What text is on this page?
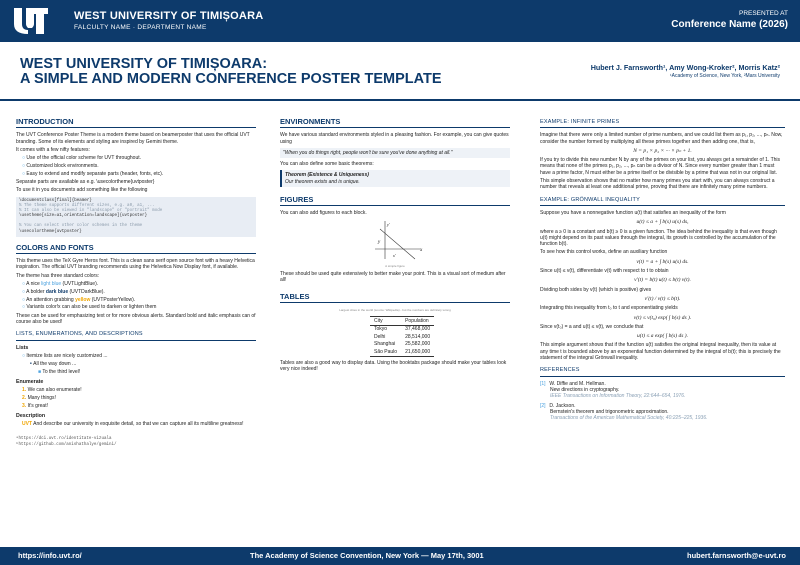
WEST UNIVERSITY OF TIMIȘOARA
FALCULTY NAME · DEPARTMENT NAME
PRESENTED AT
Conference Name (2026)
WEST UNIVERSITY OF TIMIȘOARA:
A SIMPLE AND MODERN CONFERENCE POSTER TEMPLATE
Hubert J. Farnsworth¹, Amy Wong-Kroker², Morris Katz²
¹Academy of Science, New York, ²Mars University
INTRODUCTION

The UVT Conference Poster Theme is a modern theme based on beamerposter that uses the official UVT branding. Some of its elements and styling are inspired by Gemini theme.

It comes with a few nifty features:

○ Use of the official color scheme for UVT throughout.
○ Customized block environments.
○ Easy to extend and modify separate parts (header, fonts, etc).

Separate parts are available as e.g. \usecolortheme{uvtposter}

To use it in you documents add something like the following

\documentclass[final]{beamer}
% The theme supports different sizes, e.g. a0, a1, ...
% It can also be viewed in "landscape" or "portrait" mode
\usetheme[size=a1,orientation=landscape]{uvtposter}
% You can select other color schemes in the theme
\usecolortheme{uvtposter}
COLORS AND FONTS

This theme uses the TeX Gyre Heros font. This is a clean sans serif open source font with a heavy Helvetica inspiration. The official UVT branding recommends using the Helvetica Now Display font, if available.

The theme has three standard colors:

○ A nice light blue (UVTLightBlue).
○ A bolder dark blue (UVTDarkBlue).
○ An attention grabbing yellow (UVTPosterYellow).
○ Variants color!x can also be used to darken or lighten them

These can be used for emphasizing text or for more obvious alerts. Standard bold and italic emphasis can of course also be used!

LISTS, ENUMERATIONS, AND DESCRIPTIONS
Lists
○ Itemize lists are nicely customized ...
• All the way down ...
■ To the third level!
Enumerate
1. We can also enumerate!
2. Many things!
3. It's great!
Description

UVT And describe our university in exquisite detail, so that we can capture all its multiline greatness!

ᵃhttps://dci.uvt.ro/identitate-vizuala
ᵇhttps://github.com/anishathalye/gemini/
ENVIRONMENTS

We have various standard environments styled in a pleasing fashion. For example, you can give quotes using

"When you do things right, people won't be sure you've done anything at all."

You can also define some basic theorems:

Theorem (Existence & Uniqueness)
Our theorem exists and is unique.
FIGURES

You can also add figures to each block.

x
y
x'
y'
A simple figure

These should be used quite extensively to better make your point. This is a visual sort of medium after all!

TABLES
Largest cities in the world (source: Wikipedia) - but the numbers are definitely wrong
City	Population
Tokyo	37,468,000
Delhi	28,514,000
Shanghai	25,582,000
São Paulo	21,650,000

Tables are also a good way to display data. Using the booktabs package should make your tables look very nice indeed!

EXAMPLE: INFINITE PRIMES

Imagine that there were only a limited number of prime numbers, and we could list them as p₁, p₂, ..., pₙ. Now, consider the number formed by multiplying all these primes together and then adding one, that is,

N = p₁ × p₂ × ··· × pₙ + 1.

If you try to divide this new number N by any of the primes on your list, you always get a remainder of 1. This means that none of the primes p₁, p₂, ..., pₙ can be a divisor of N. Since every number greater than 1 must have a prime factor, N must either be a prime itself or be divisible by a prime that was not in our original list.

This simple observation shows that no matter how many primes you start with, you can always construct a number that reveals at least one additional prime, proving that there are infinitely many prime numbers.

EXAMPLE: GRÖNWALL INEQUALITY

Suppose you have a nonnegative function u(t) that satisfies an inequality of the form

u(t) ≤ a + ∫ b(s) u(s) ds,

where a ≥ 0 is a constant and b(t) ≥ 0 is a given function. The idea behind the inequality is that even though u(t) might depend on its past values through the integral, its growth is controlled by the accumulation of the function b(t).

To see how this control works, define an auxiliary function

v(t) = a + ∫ b(s) u(s) ds.

Since u(t) ≤ v(t), differentiate v(t) with respect to t to obtain

v′(t) = b(t) u(t) ≤ b(t) v(t).

Dividing both sides by v(t) (which is positive) gives

v′(t) / v(t) ≤ b(t).

Integrating this inequality from t₀ to t and exponentiating yields

v(t) ≤ v(t₀) exp( ∫ b(s) ds ).

Since v(t₀) = a and u(t) ≤ v(t), we conclude that

u(t) ≤ a exp( ∫ b(s) ds ).

This simple argument shows that if the function u(t) satisfies the original integral inequality, then its value at any time t is bounded above by an exponential function determined by the integral of b(t); this is precisely the statement of the integral Grönwall inequality.

REFERENCES
[1] W. Diffie and M. Hellman.
New directions in cryptography.
IEEE Transactions on Information Theory, 22:644–654, 1976.
[2] D. Jackson.
Bernstein's theorem and trigonometric approximation.
Transactions of the American Mathematical Society, 40:225–225, 1936.
https://info.uvt.ro/	The Academy of Science Convention, New York — May 17th, 3001	hubert.farnsworth@e-uvt.ro
